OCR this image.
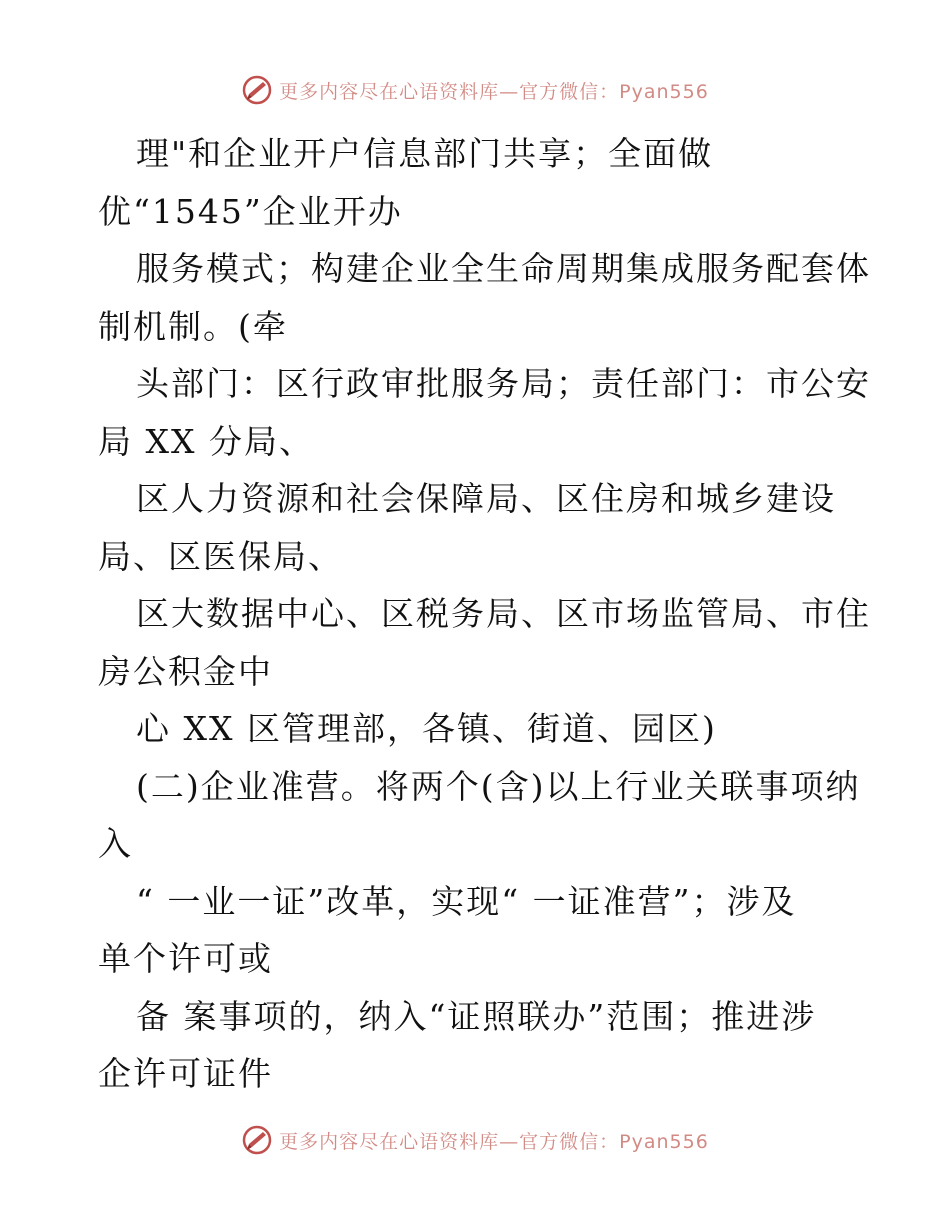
更多内容尽在心语资料库—官方微信：Pyan556
理"和企业开户信息部门共享；全面做
优“1545”企业开办
服务模式；构建企业全生命周期集成服务配套体
制机制。(牵
头部门：区行政审批服务局；责任部门：市公安
局 XX 分局、
区人力资源和社会保障局、区住房和城乡建设
局、区医保局、
区大数据中心、区税务局、区市场监管局、市住
房公积金中
心 XX 区管理部，各镇、街道、园区)
(二)企业准营。将两个(含)以上行业关联事项纳
入
“ 一业一证”改革，实现“ 一证准营”；涉及
单个许可或
备 案事项的，纳入“证照联办”范围；推进涉
企许可证件
更多内容尽在心语资料库—官方微信：Pyan556
